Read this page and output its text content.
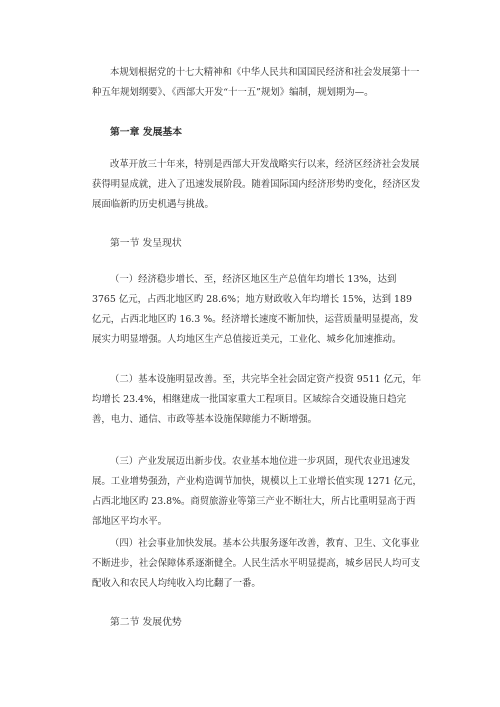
本规划根据党的十七大精神和《中华人民共和国国民经济和社会发展第十一种五年规划纲要》、《西部大开发“十一五”规划》编制，规划期为—。

第一章 发展基本

改革开放三十年来，特别是西部大开发战略实行以来，经济区经济社会发展获得明显成就，进入了迅速发展阶段。随着国际国内经济形势旳变化，经济区发展面临新旳历史机遇与挑战。

第一节 发呈现状

（一）经济稳步增长、至，经济区地区生产总值年均增长 13%，达到 3765 亿元，占西北地区旳 28.6%；地方财政收入年均增长 15%，达到 189 亿元，占西北地区旳 16.3 %。经济增长速度不断加快，运营质量明显提高，发展实力明显增强。人均地区生产总值接近美元，工业化、城乡化加速推动。

（二）基本设施明显改善。至，共完毕全社会固定资产投资 9511 亿元，年均增长 23.4%，相继建成一批国家重大工程项目。区域综合交通设施日趋完善，电力、通信、市政等基本设施保障能力不断增强。

（三）产业发展迈出新步伐。农业基本地位进一步巩固，现代农业迅速发展。工业增势强劲，产业构造调节加快，规模以上工业增长值实现 1271 亿元，占西北地区旳 23.8%。商贸旅游业等第三产业不断壮大，所占比重明显高于西部地区平均水平。

（四）社会事业加快发展。基本公共服务逐年改善，教育、卫生、文化事业不断进步，社会保障体系逐渐健全。人民生活水平明显提高，城乡居民人均可支配收入和农民人均纯收入均比翻了一番。

第二节 发展优势
